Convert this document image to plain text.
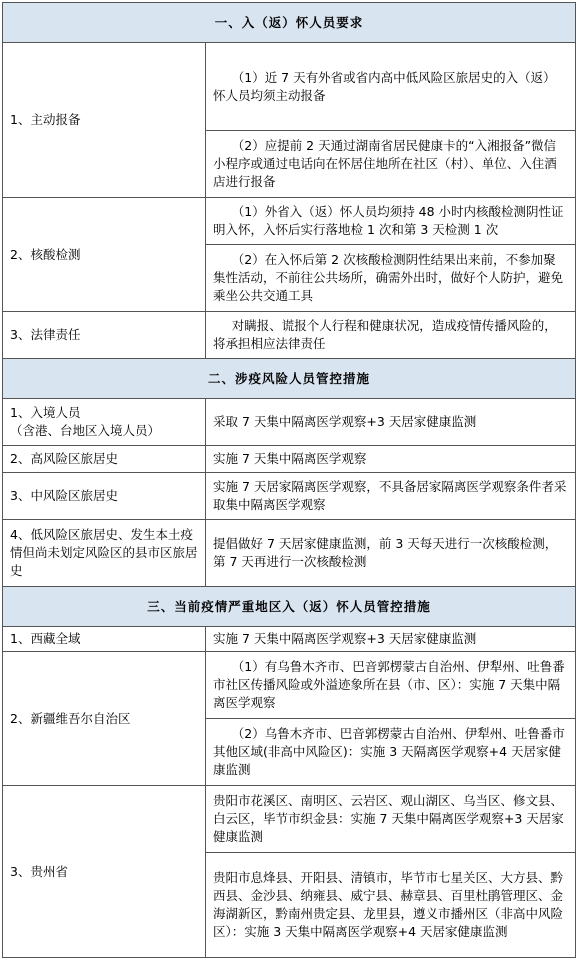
一、入（返）怀人员要求	
1、主动报备	（1）近 7 天有外省或省内高中低风险区旅居史的入（返）怀人员均须主动报备
	（2）应提前 2 天通过湖南省居民健康卡的“入湘报备”微信小程序或通过电话向在怀居住地所在社区（村）、单位、入住酒店进行报备
2、核酸检测	（1）外省入（返）怀人员均须持 48 小时内核酸检测阴性证明入怀，入怀后实行落地检 1 次和第 3 天检测 1 次
	（2）在入怀后第 2 次核酸检测阴性结果出来前，不参加聚集性活动，不前往公共场所，确需外出时，做好个人防护，避免乘坐公共交通工具
3、法律责任	对瞒报、谎报个人行程和健康状况，造成疫情传播风险的，将承担相应法律责任
二、涉疫风险人员管控措施	
1、入境人员
（含港、台地区入境人员）	采取 7 天集中隔离医学观察+3 天居家健康监测
2、高风险区旅居史	实施 7 天集中隔离医学观察
3、中风险区旅居史	实施 7 天居家隔离医学观察，不具备居家隔离医学观察条件者采取集中隔离医学观察
4、低风险区旅居史、发生本土疫情但尚未划定风险区的县市区旅居史	提倡做好 7 天居家健康监测，前 3 天每天进行一次核酸检测，第 7 天再进行一次核酸检测
三、当前疫情严重地区入（返）怀人员管控措施	
1、西藏全域	实施 7 天集中隔离医学观察+3 天居家健康监测
2、新疆维吾尔自治区	（1）有乌鲁木齐市、巴音郭楞蒙古自治州、伊犁州、吐鲁番市社区传播风险或外溢迹象所在县（市、区）：实施 7 天集中隔离医学观察
	（2）乌鲁木齐市、巴音郭楞蒙古自治州、伊犁州、吐鲁番市其他区域(非高中风险区)：实施 3 天隔离医学观察+4 天居家健康监测
3、贵州省	贵阳市花溪区、南明区、云岩区、观山湖区、乌当区、修文县、白云区，毕节市织金县：实施 7 天集中隔离医学观察+3 天居家健康监测
	贵阳市息烽县、开阳县、清镇市，毕节市七星关区、大方县、黔西县、金沙县、纳雍县、威宁县、赫章县、百里杜鹃管理区、金海湖新区，黔南州贵定县、龙里县，遵义市播州区（非高中风险区）：实施 3 天集中隔离医学观察+4 天居家健康监测
